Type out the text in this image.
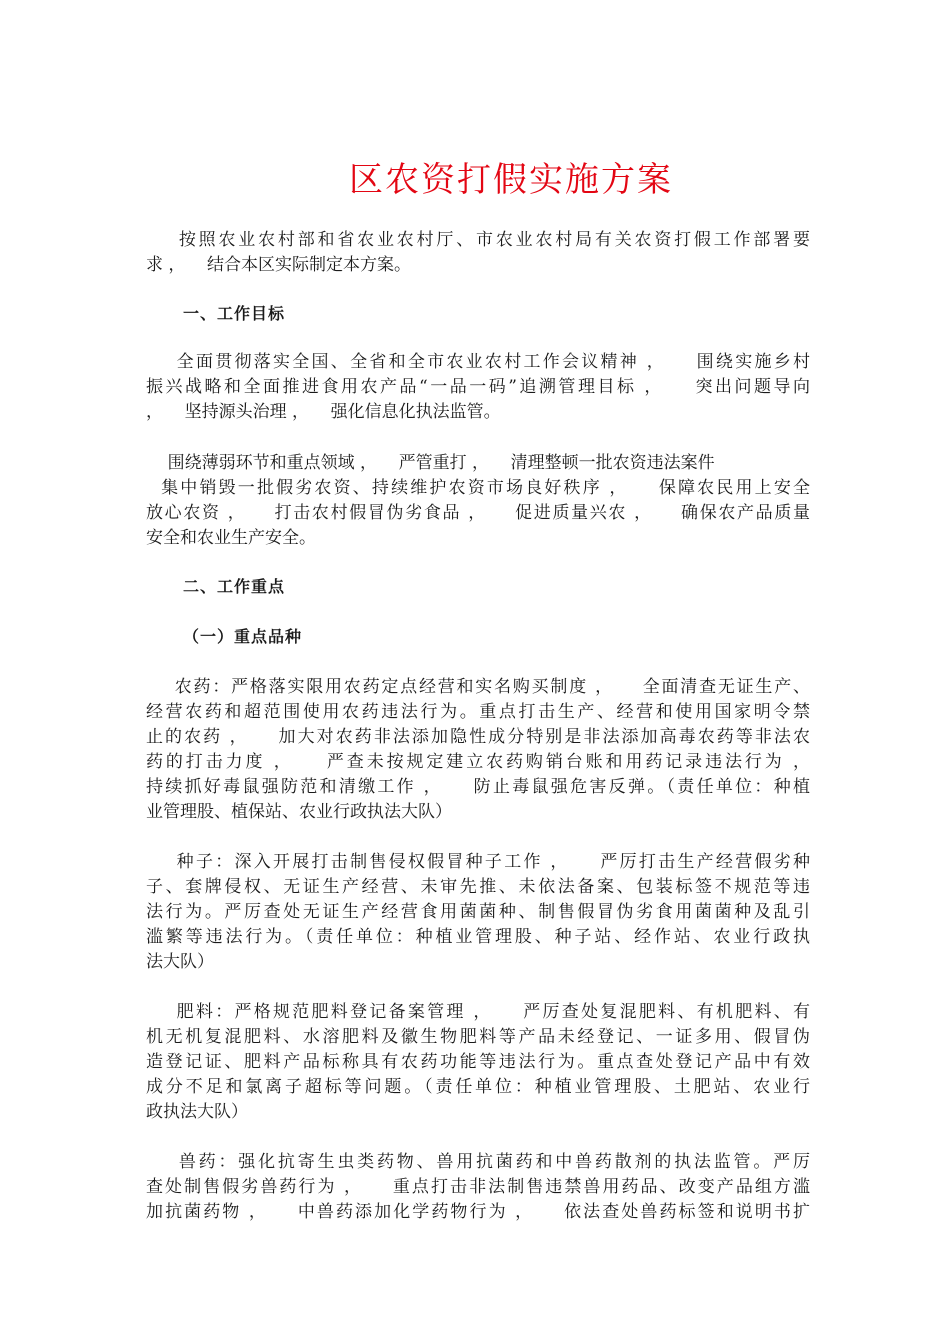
区农资打假实施方案
按照农业农村部和省农业农村厅、市农业农村局有关农资打假工作部署要
求 ，    结合本区实际制定本方案。
一、工作目标
全面贯彻落实全国、全省和全市农业农村工作会议精神 ，    围绕实施乡村
振兴战略和全面推进食用农产品“一品一码”追溯管理目标 ，    突出问题导向
，    坚持源头治理 ，    强化信息化执法监管。
围绕薄弱环节和重点领域 ，    严管重打 ，    清理整顿一批农资违法案件
集中销毁一批假劣农资、持续维护农资市场良好秩序 ，    保障农民用上安全
放心农资 ，    打击农村假冒伪劣食品 ，    促进质量兴农 ，    确保农产品质量
安全和农业生产安全。
二、工作重点
（一）重点品种
农药：严格落实限用农药定点经营和实名购买制度 ，    全面清查无证生产、
经营农药和超范围使用农药违法行为。重点打击生产、经营和使用国家明令禁
止的农药 ，    加大对农药非法添加隐性成分特别是非法添加高毒农药等非法农
药的打击力度 ，    严查未按规定建立农药购销台账和用药记录违法行为 ，
持续抓好毒鼠强防范和清缴工作 ，    防止毒鼠强危害反弹。（责任单位：种植
业管理股、植保站、农业行政执法大队）
种子：深入开展打击制售侵权假冒种子工作 ，    严厉打击生产经营假劣种
子、套牌侵权、无证生产经营、未审先推、未依法备案、包装标签不规范等违
法行为。严厉查处无证生产经营食用菌菌种、制售假冒伪劣食用菌菌种及乱引
滥繁等违法行为。（责任单位：种植业管理股、种子站、经作站、农业行政执
法大队）
肥料：严格规范肥料登记备案管理 ，    严厉查处复混肥料、有机肥料、有
机无机复混肥料、水溶肥料及徽生物肥料等产品未经登记、一证多用、假冒伪
造登记证、肥料产品标称具有农药功能等违法行为。重点查处登记产品中有效
成分不足和氯离子超标等问题。（责任单位：种植业管理股、土肥站、农业行
政执法大队）
兽药：强化抗寄生虫类药物、兽用抗菌药和中兽药散剂的执法监管。严厉
查处制售假劣兽药行为 ，    重点打击非法制售违禁兽用药品、改变产品组方滥
加抗菌药物 ，    中兽药添加化学药物行为 ，    依法查处兽药标签和说明书扩
